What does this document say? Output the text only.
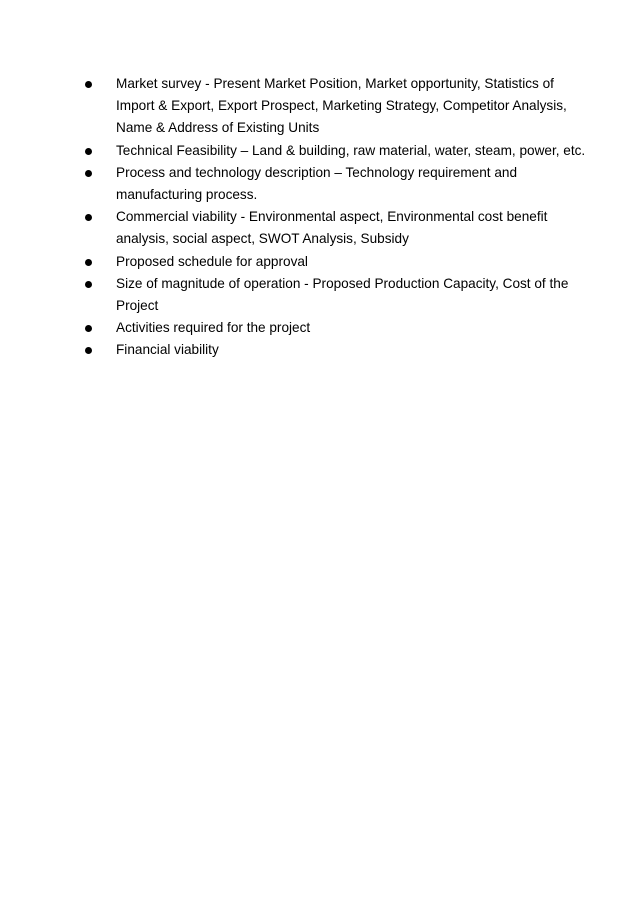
Market survey - Present Market Position, Market opportunity, Statistics of
Import & Export, Export Prospect, Marketing Strategy, Competitor Analysis,
Name & Address of Existing Units
Technical Feasibility – Land & building, raw material, water, steam, power, etc.
Process and technology description – Technology requirement and
manufacturing process.
Commercial viability - Environmental aspect, Environmental cost benefit
analysis, social aspect, SWOT Analysis, Subsidy
Proposed schedule for approval
Size of magnitude of operation - Proposed Production Capacity, Cost of the
Project
Activities required for the project
Financial viability
